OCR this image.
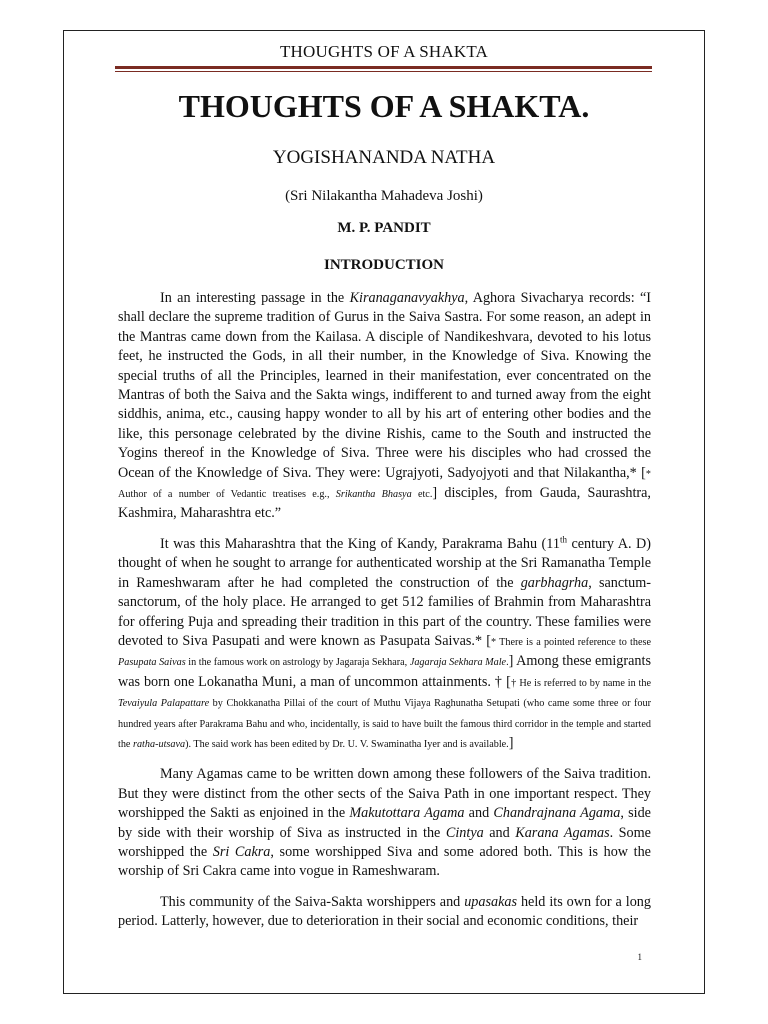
THOUGHTS OF A SHAKTA
THOUGHTS OF A SHAKTA.
YOGISHANANDA NATHA
(Sri Nilakantha Mahadeva Joshi)
M. P. PANDIT
INTRODUCTION

In an interesting passage in the Kiranaganavyakhya, Aghora Sivacharya records: “I shall declare the supreme tradition of Gurus in the Saiva Sastra. For some reason, an adept in the Mantras came down from the Kailasa. A disciple of Nandikeshvara, devoted to his lotus feet, he instructed the Gods, in all their number, in the Knowledge of Siva. Knowing the special truths of all the Principles, learned in their manifestation, ever concentrated on the Mantras of both the Saiva and the Sakta wings, indifferent to and turned away from the eight siddhis, anima, etc., causing happy wonder to all by his art of entering other bodies and the like, this personage celebrated by the divine Rishis, came to the South and instructed the Yogins thereof in the Knowledge of Siva. Three were his disciples who had crossed the Ocean of the Knowledge of Siva. They were: Ugrajyoti, Sadyojyoti and that Nilakantha,* [* Author of a number of Vedantic treatises e.g., Srikantha Bhasya etc.] disciples, from Gauda, Saurashtra, Kashmira, Maharashtra etc.”

It was this Maharashtra that the King of Kandy, Parakrama Bahu (11th century A. D) thought of when he sought to arrange for authenticated worship at the Sri Ramanatha Temple in Rameshwaram after he had completed the construction of the garbhagrha, sanctum-sanctorum, of the holy place. He arranged to get 512 families of Brahmin from Maharashtra for offering Puja and spreading their tradition in this part of the country. These families were devoted to Siva Pasupati and were known as Pasupata Saivas.* [* There is a pointed reference to these Pasupata Saivas in the famous work on astrology by Jagaraja Sekhara, Jagaraja Sekhara Male.] Among these emigrants was born one Lokanatha Muni, a man of uncommon attainments. † [† He is referred to by name in the Tevaiyula Palapattare by Chokkanatha Pillai of the court of Muthu Vijaya Raghunatha Setupati (who came some three or four hundred years after Parakrama Bahu and who, incidentally, is said to have built the famous third corridor in the temple and started the ratha-utsava). The said work has been edited by Dr. U. V. Swaminatha Iyer and is available.]

Many Agamas came to be written down among these followers of the Saiva tradition. But they were distinct from the other sects of the Saiva Path in one important respect. They worshipped the Sakti as enjoined in the Makutottara Agama and Chandrajnana Agama, side by side with their worship of Siva as instructed in the Cintya and Karana Agamas. Some worshipped the Sri Cakra, some worshipped Siva and some adored both. This is how the worship of Sri Cakra came into vogue in Rameshwaram.

This community of the Saiva-Sakta worshippers and upasakas held its own for a long period. Latterly, however, due to deterioration in their social and economic conditions, their

1
